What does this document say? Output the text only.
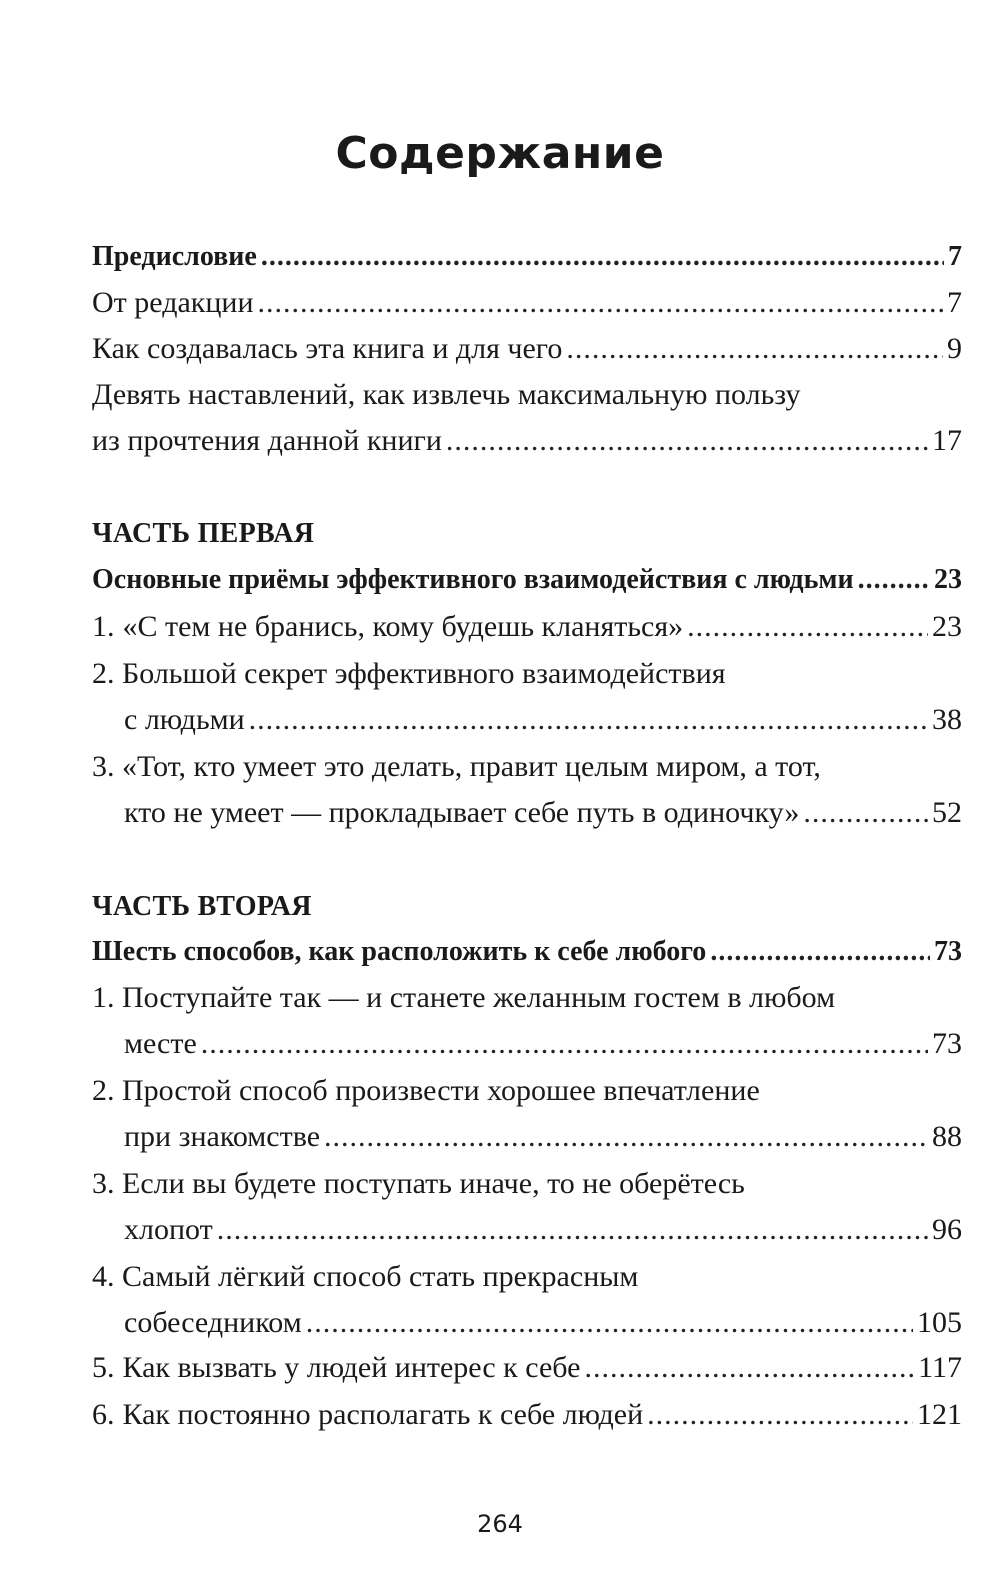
Содержание
Предисловие .....	7
От редакции .....	7
Как создавалась эта книга и для чего .....	9
Девять наставлений, как извлечь максимальную пользу
из прочтения данной книги .....	17
ЧАСТЬ ПЕРВАЯ
Основные приёмы эффективного взаимодействия с людьми .....	23
1. «С тем не бранись, кому будешь кланяться» .....	23
2. Большой секрет эффективного взаимодействия
с людьми .....	38
3. «Тот, кто умеет это делать, правит целым миром, а тот,
кто не умеет — прокладывает себе путь в одиночку» .....	52
ЧАСТЬ ВТОРАЯ
Шесть способов, как расположить к себе любого .....	73
1. Поступайте так — и станете желанным гостем в любом
месте .....	73
2. Простой способ произвести хорошее впечатление
при знакомстве .....	88
3. Если вы будете поступать иначе, то не оберётесь
хлопот .....	96
4. Самый лёгкий способ стать прекрасным
собеседником .....	105
5. Как вызвать у людей интерес к себе .....	117
6. Как постоянно располагать к себе людей .....	121
264
